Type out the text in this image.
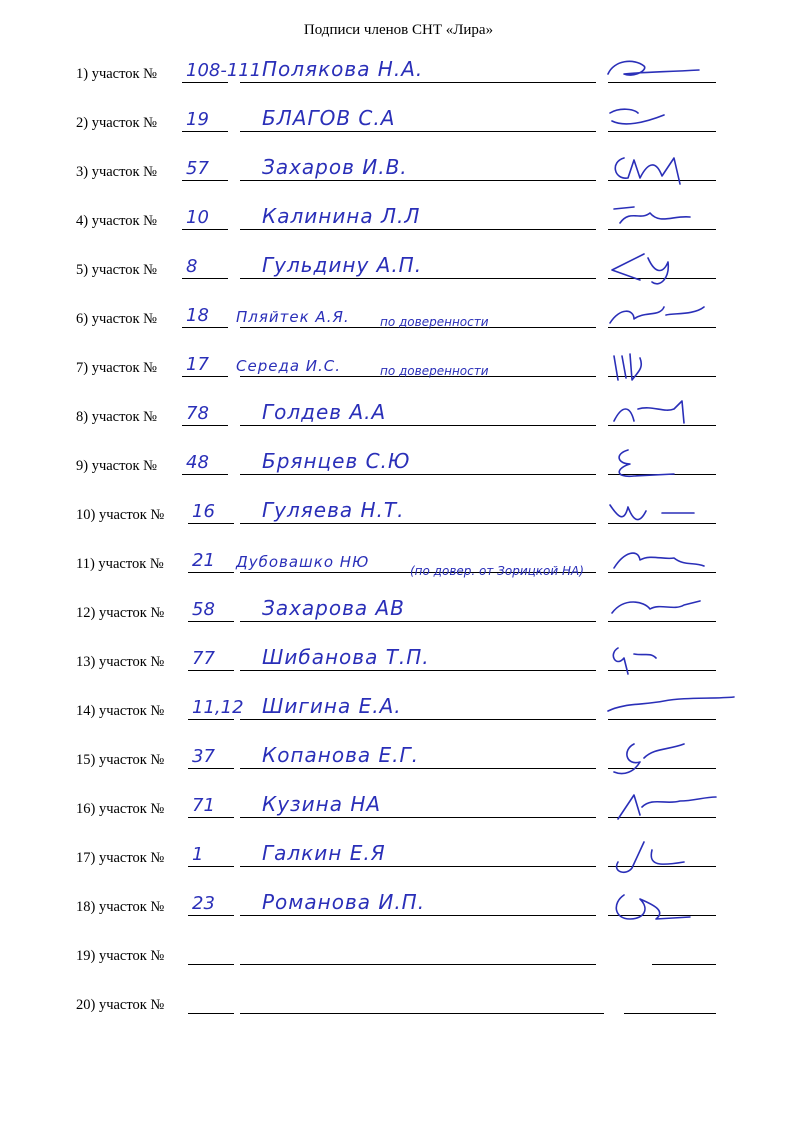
Подписи членов СНТ «Лира»
1) участок № 108-111 Полякова Н.А.
2) участок № 19	БЛАГОВ С.А
3) участок № 57	Захаров И.В.
4) участок № 10	Калинина Л.Л
5) участок № 8	Гульдину А.П.
6) участок № 18 Пляйтек А.Я.	по доверенности
7) участок № 17 Середа И.С.	по доверенности
8) участок № 78	Голдев А.А
9) участок № 48	Брянцев С.Ю
10) участок № 16 Гуляева Н.Т.
11) участок № 21 Дубовашко НЮ	(по довер. от Зорицкой НА)
12) участок № 58 Захарова АВ
13) участок № 77 Шибанова Т.П.
14) участок № 11,12 Шигина Е.А.
15) участок № 37 Копанова Е.Г.
16) участок № 71 Кузина НА
17) участок № 1	Галкин Е.Я
18) участок № 23 Романова И.П.
19) участок №
20) участок №
